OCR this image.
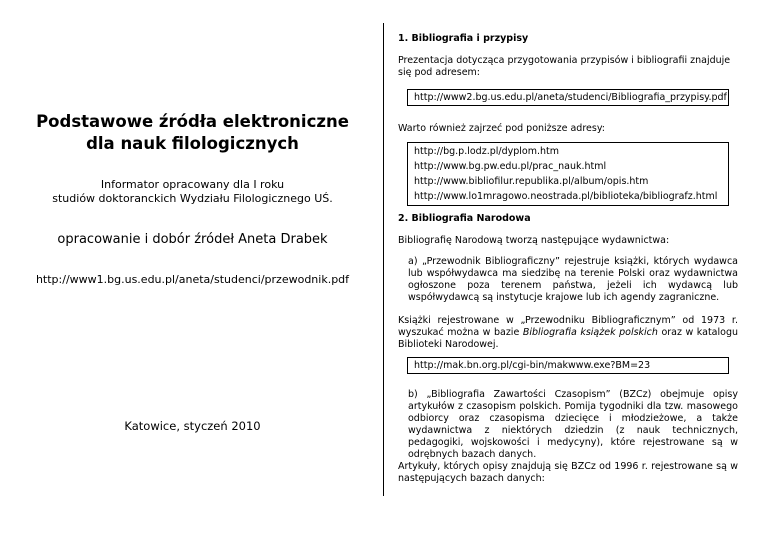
Podstawowe źródła elektroniczne
dla nauk filologicznych
Informator opracowany dla I roku
studiów doktoranckich Wydziału Filologicznego UŚ.
opracowanie i dobór źródeł Aneta Drabek
http://www1.bg.us.edu.pl/aneta/studenci/przewodnik.pdf
Katowice, styczeń 2010

1. Bibliografia i przypisy

Prezentacja dotycząca przygotowania przypisów i bibliografii znajduje się pod adresem:

http://www2.bg.us.edu.pl/aneta/studenci/Bibliografia_przypisy.pdf

Warto również zajrzeć pod poniższe adresy:

http://bg.p.lodz.pl/dyplom.htm
http://www.bg.pw.edu.pl/prac_nauk.html
http://www.bibliofilur.republika.pl/album/opis.htm
http://www.lo1mragowo.neostrada.pl/biblioteka/bibliografz.html

2. Bibliografia Narodowa

Bibliografię Narodową tworzą następujące wydawnictwa:

a) „Przewodnik Bibliograficzny” rejestruje książki, których wydawca lub współwydawca ma siedzibę na terenie Polski oraz wydawnictwa ogłoszone poza terenem państwa, jeżeli ich wydawcą lub współwydawcą są instytucje krajowe lub ich agendy zagraniczne.

Książki rejestrowane w „Przewodniku Bibliograficznym” od 1973 r. wyszukać można w bazie Bibliografia książek polskich oraz w katalogu Biblioteki Narodowej.

http://mak.bn.org.pl/cgi-bin/makwww.exe?BM=23

b) „Bibliografia Zawartości Czasopism” (BZCz) obejmuje opisy artykułów z czasopism polskich. Pomija tygodniki dla tzw. masowego odbiorcy oraz czasopisma dziecięce i młodzieżowe, a także wydawnictwa z niektórych dziedzin (z nauk technicznych, pedagogiki, wojskowości i medycyny), które rejestrowane są w odrębnych bazach danych.

Artykuły, których opisy znajdują się BZCz od 1996 r. rejestrowane są w następujących bazach danych:
